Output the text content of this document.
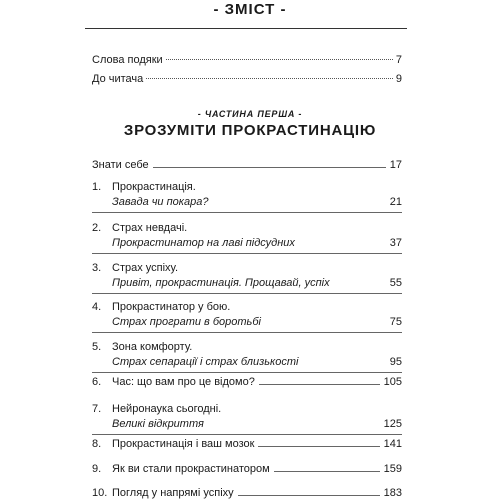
- ЗМІСТ -
Слова подяки	7
До читача	9
- ЧАСТИНА ПЕРША -
ЗРОЗУМІТИ ПРОКРАСТИНАЦІЮ
Знати себе	17
1. Прокрастинація.
Завада чи покара?	21
2. Страх невдачі.
Прокрастинатор на лаві підсудних	37
3. Страх успіху.
Привіт, прокрастинація. Прощавай, успіх	55
4. Прокрастинатор у бою.
Страх програти в боротьбі	75
5. Зона комфорту.
Страх сепарації і страх близькості	95
6. Час: що вам про це відомо?	105
7. Нейронаука сьогодні.
Великі відкриття	125
8. Прокрастинація і ваш мозок	141
9. Як ви стали прокрастинатором	159
10. Погляд у напрямі успіху	183
